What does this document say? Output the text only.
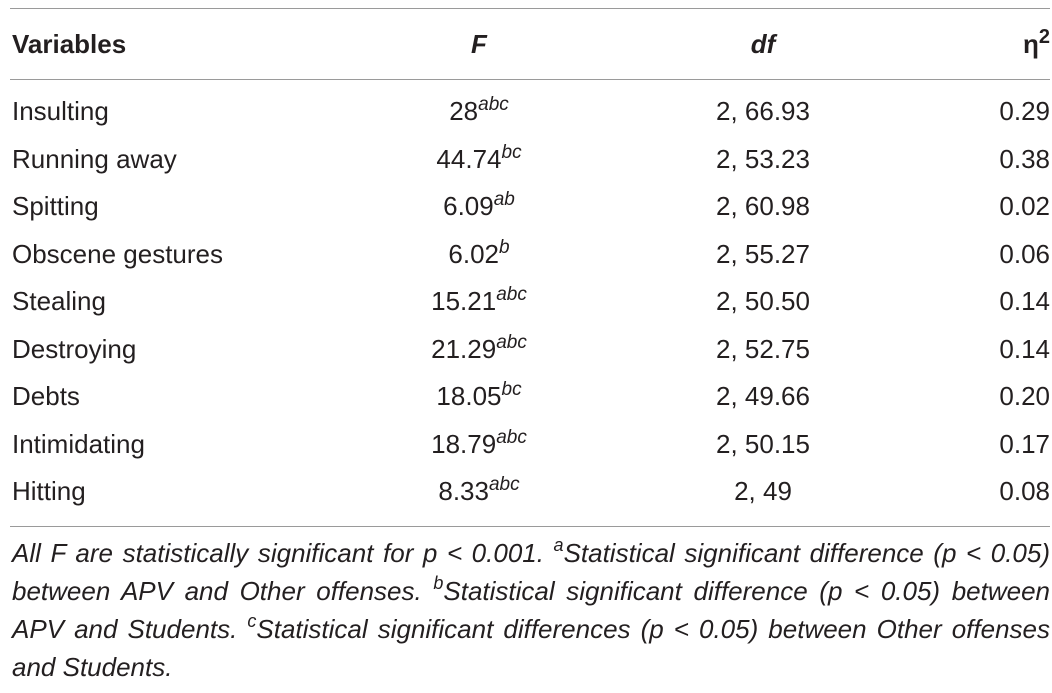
Variables	F	df	$\eta^2$
Insulting	$28^{abc}$	2, 66.93	0.29
Running away	44.74$^{bc}$	2, 53.23	0.38
Spitting	6.09$^{ab}$	2, 60.98	0.02
Obscene gestures	6.02$^b$	2, 55.27	0.06
Stealing	15.21$^{abc}$	2, 50.50	0.14
Destroying	21.29$^{abc}$	2, 52.75	0.14
Debts	18.05$^{bc}$	2, 49.66	0.20
Intimidating	18.79$^{abc}$	2, 50.15	0.17
Hitting	8.33$^{abc}$	2, 49	0.08
All F are statistically significant for p < 0.001. $^a$Statistical significant difference (p < 0.05) between APV and Other offenses. $^b$Statistical significant difference (p < 0.05) between APV and Students. $^c$Statistical significant differences (p < 0.05) between Other offenses and Students.
